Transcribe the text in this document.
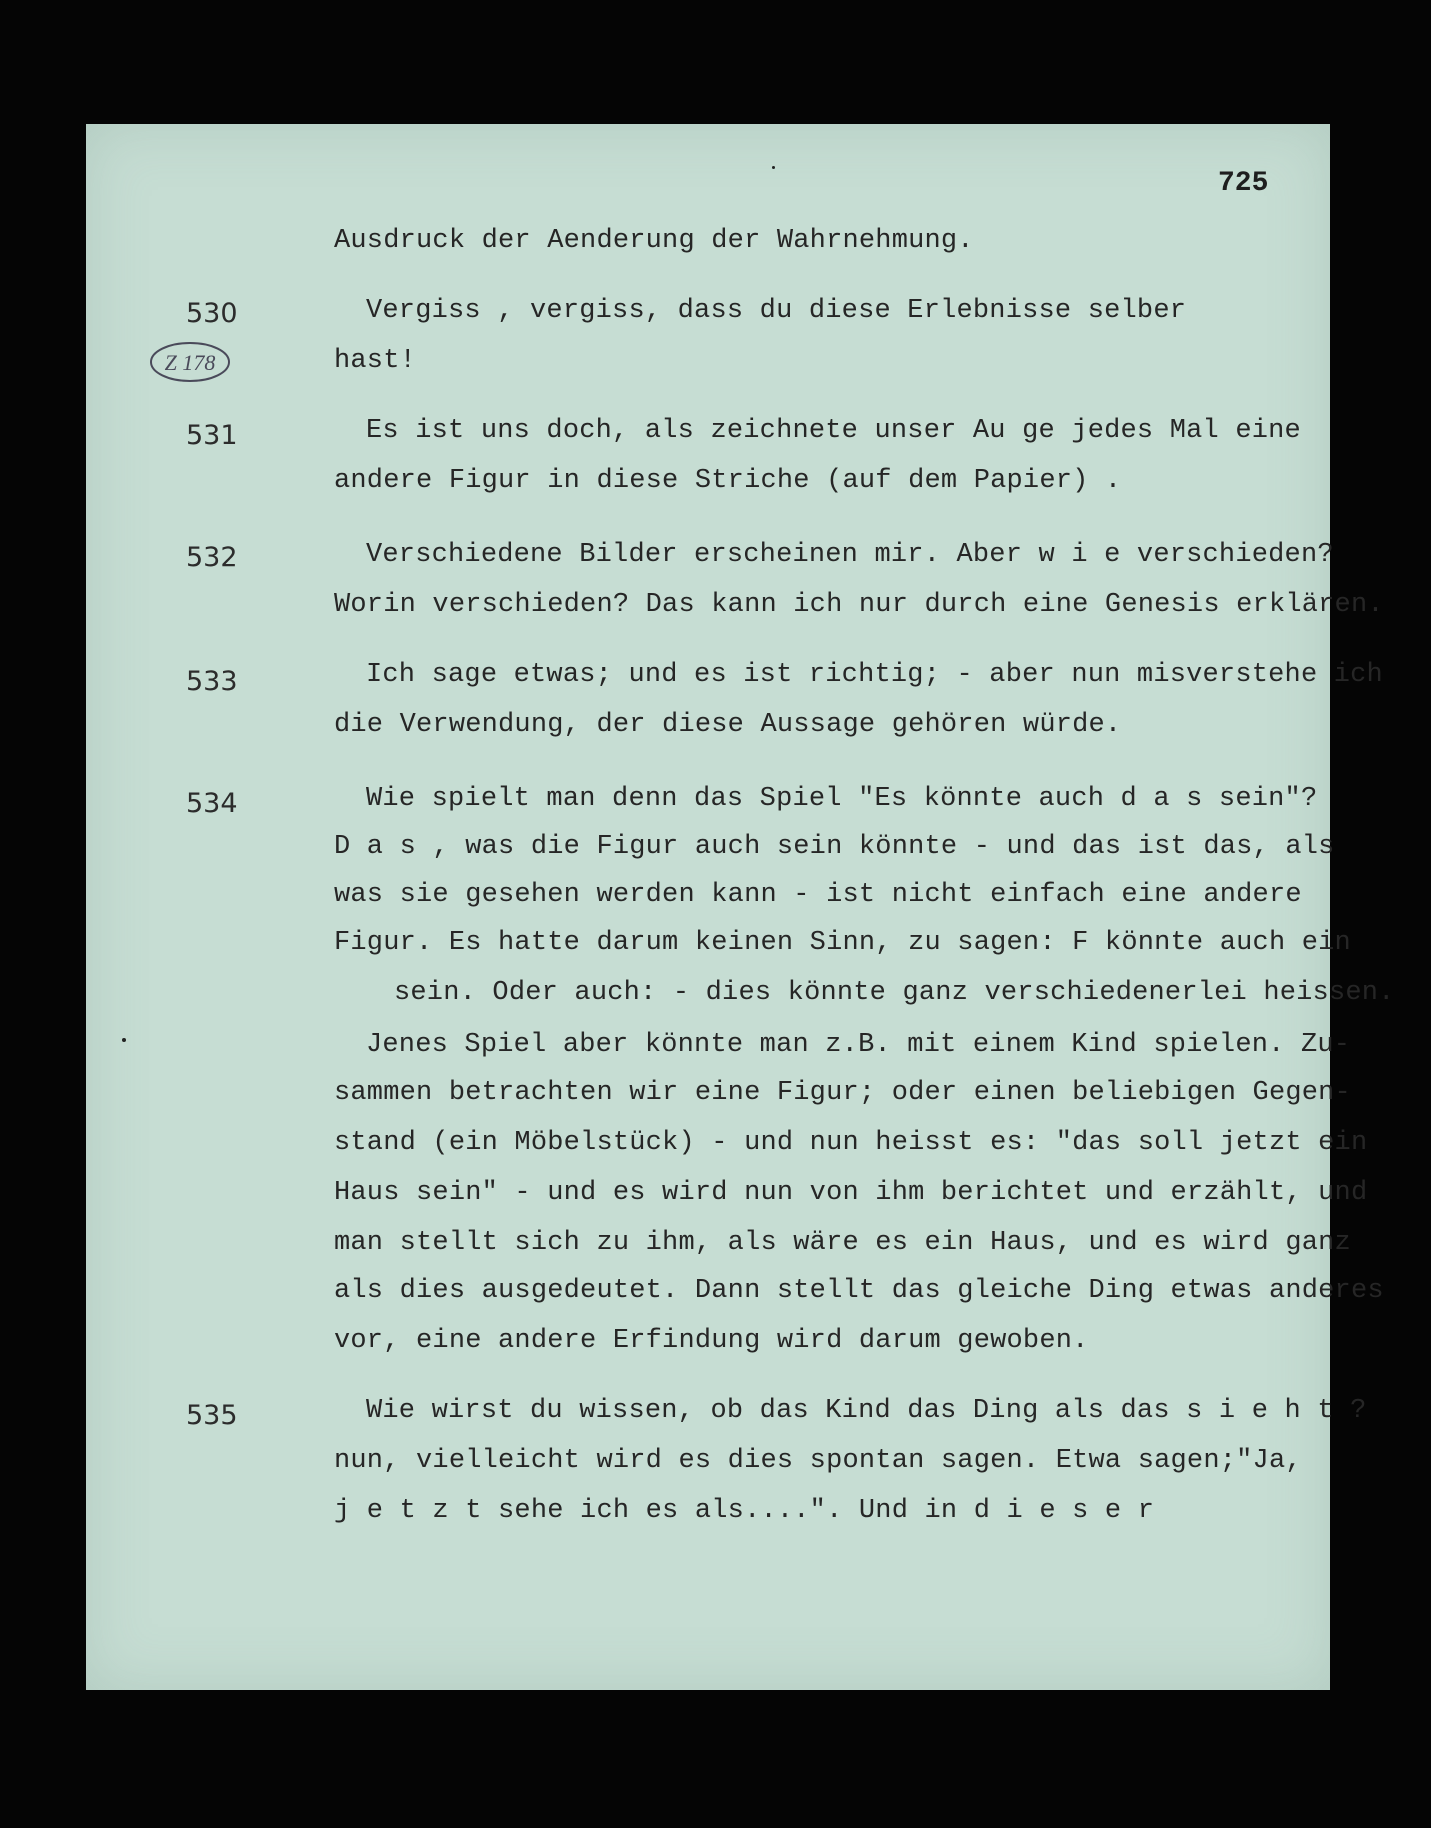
725
Ausdruck der Aenderung der Wahrnehmung.
530	Vergiss , vergiss, dass du diese Erlebnisse selber
hast!
Z 178
531	Es ist uns doch, als zeichnete unser Au ge jedes Mal eine
andere Figur in diese Striche (auf dem Papier) .
532	Verschiedene Bilder erscheinen mir. Aber w i e verschieden?
Worin verschieden? Das kann ich nur durch eine Genesis erklären.
533	Ich sage etwas; und es ist richtig; - aber nun misverstehe ich
die Verwendung, der diese Aussage gehören würde.
534	Wie spielt man denn das Spiel "Es könnte auch d a s sein"?
D a s , was die Figur auch sein könnte - und das ist das, als
was sie gesehen werden kann - ist nicht einfach eine andere
Figur. Es hatte darum keinen Sinn, zu sagen: F könnte auch ein
sein. Oder auch: - dies könnte ganz verschiedenerlei heissen.
Jenes Spiel aber könnte man z.B. mit einem Kind spielen. Zu-
sammen betrachten wir eine Figur; oder einen beliebigen Gegen-
stand (ein Möbelstück) - und nun heisst es: "das soll jetzt ein
Haus sein" - und es wird nun von ihm berichtet und erzählt, und
man stellt sich zu ihm, als wäre es ein Haus, und es wird ganz
als dies ausgedeutet. Dann stellt das gleiche Ding etwas anderes
vor, eine andere Erfindung wird darum gewoben.
535	Wie wirst du wissen, ob das Kind das Ding als das s i e h t ?
nun, vielleicht wird es dies spontan sagen. Etwa sagen;"Ja,
j e t z t sehe ich es als....". Und in d i e s e r
